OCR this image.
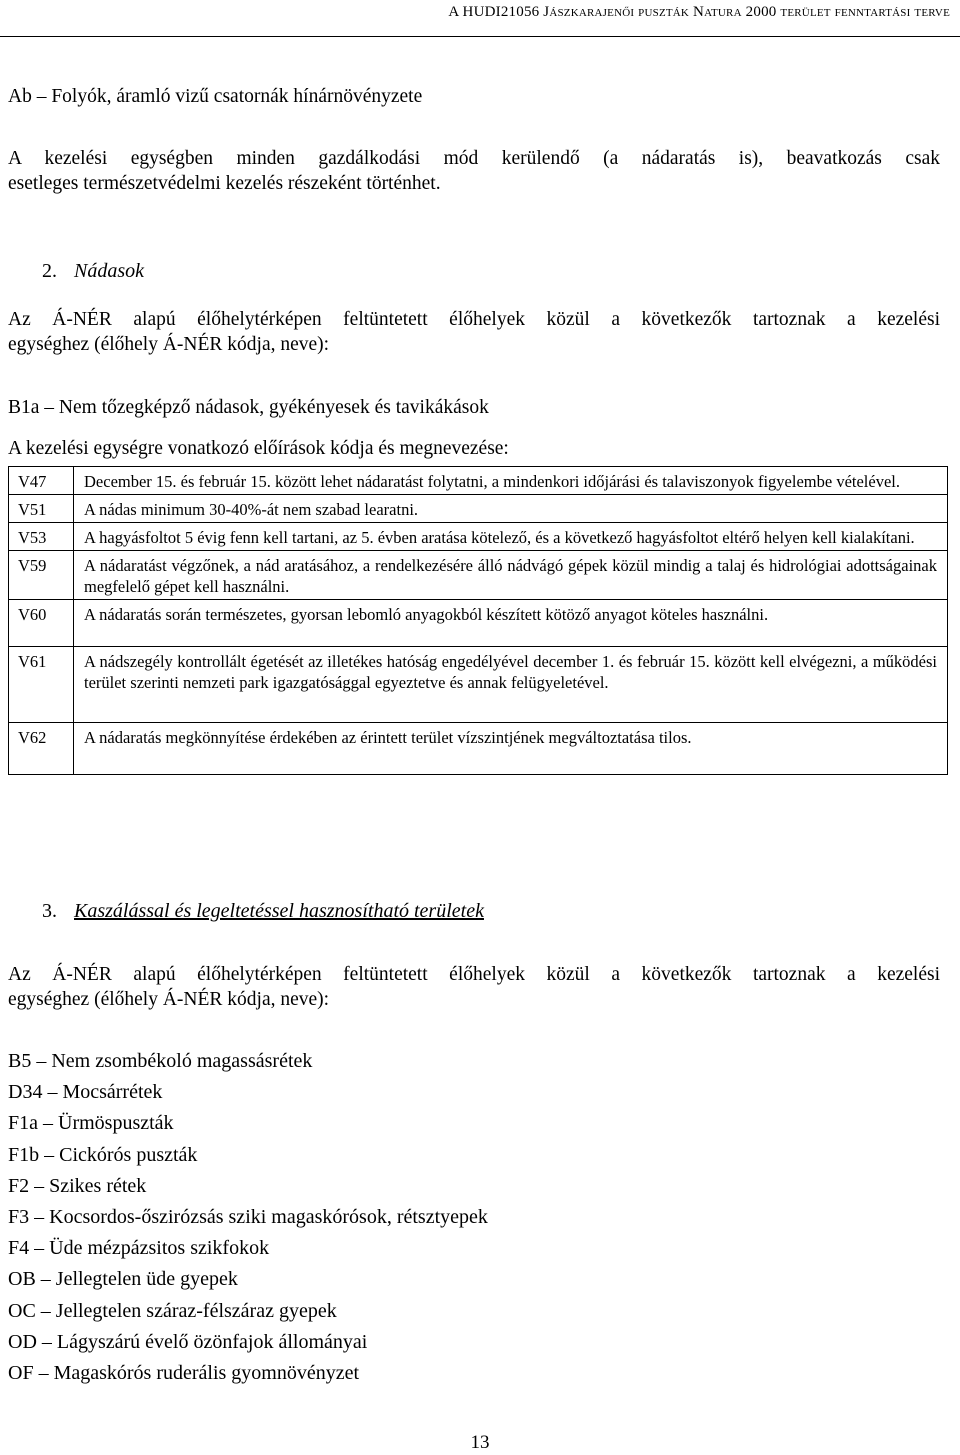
A HUDI21056 Jászkarajenői puszták Natura 2000 terület fenntartási terve
Ab – Folyók, áramló vizű csatornák hínárnövényzete
A kezelési egységben minden gazdálkodási mód kerülendő (a nádaratás is), beavatkozás csak
esetleges természetvédelmi kezelés részeként történhet.
2. Nádasok
Az Á-NÉR alapú élőhelytérképen feltüntetett élőhelyek közül a következők tartoznak a kezelési
egységhez (élőhely Á-NÉR kódja, neve):
B1a – Nem tőzegképző nádasok, gyékényesek és tavikákások
A kezelési egységre vonatkozó előírások kódja és megnevezése:
V47	December 15. és február 15. között lehet nádaratást folytatni, a mindenkori időjárási és talaviszonyok figyelembe vételével.
V51	A nádas minimum 30-40%-át nem szabad learatni.
V53	A hagyásfoltot 5 évig fenn kell tartani, az 5. évben aratása kötelező, és a következő hagyásfoltot eltérő helyen kell kialakítani.
V59	A nádaratást végzőnek, a nád aratásához, a rendelkezésére álló nádvágó gépek közül mindig a talaj és hidrológiai adottságainak megfelelő gépet kell használni.
V60	A nádaratás során természetes, gyorsan lebomló anyagokból készített kötöző anyagot köteles használni.
V61	A nádszegély kontrollált égetését az illetékes hatóság engedélyével december 1. és február 15. között kell elvégezni, a működési terület szerinti nemzeti park igazgatósággal egyeztetve és annak felügyeletével.
V62	A nádaratás megkönnyítése érdekében az érintett terület vízszintjének megváltoztatása tilos.
3. Kaszálással és legeltetéssel hasznosítható területek
Az Á-NÉR alapú élőhelytérképen feltüntetett élőhelyek közül a következők tartoznak a kezelési
egységhez (élőhely Á-NÉR kódja, neve):
B5 – Nem zsombékoló magassásrétek
D34 – Mocsárrétek
F1a – Ürmöspuszták
F1b – Cickórós puszták
F2 – Szikes rétek
F3 – Kocsordos-őszirózsás sziki magaskórósok, rétsztyepek
F4 – Üde mézpázsitos szikfokok
OB – Jellegtelen üde gyepek
OC – Jellegtelen száraz-félszáraz gyepek
OD – Lágyszárú évelő özönfajok állományai
OF – Magaskórós ruderális gyomnövényzet
13
